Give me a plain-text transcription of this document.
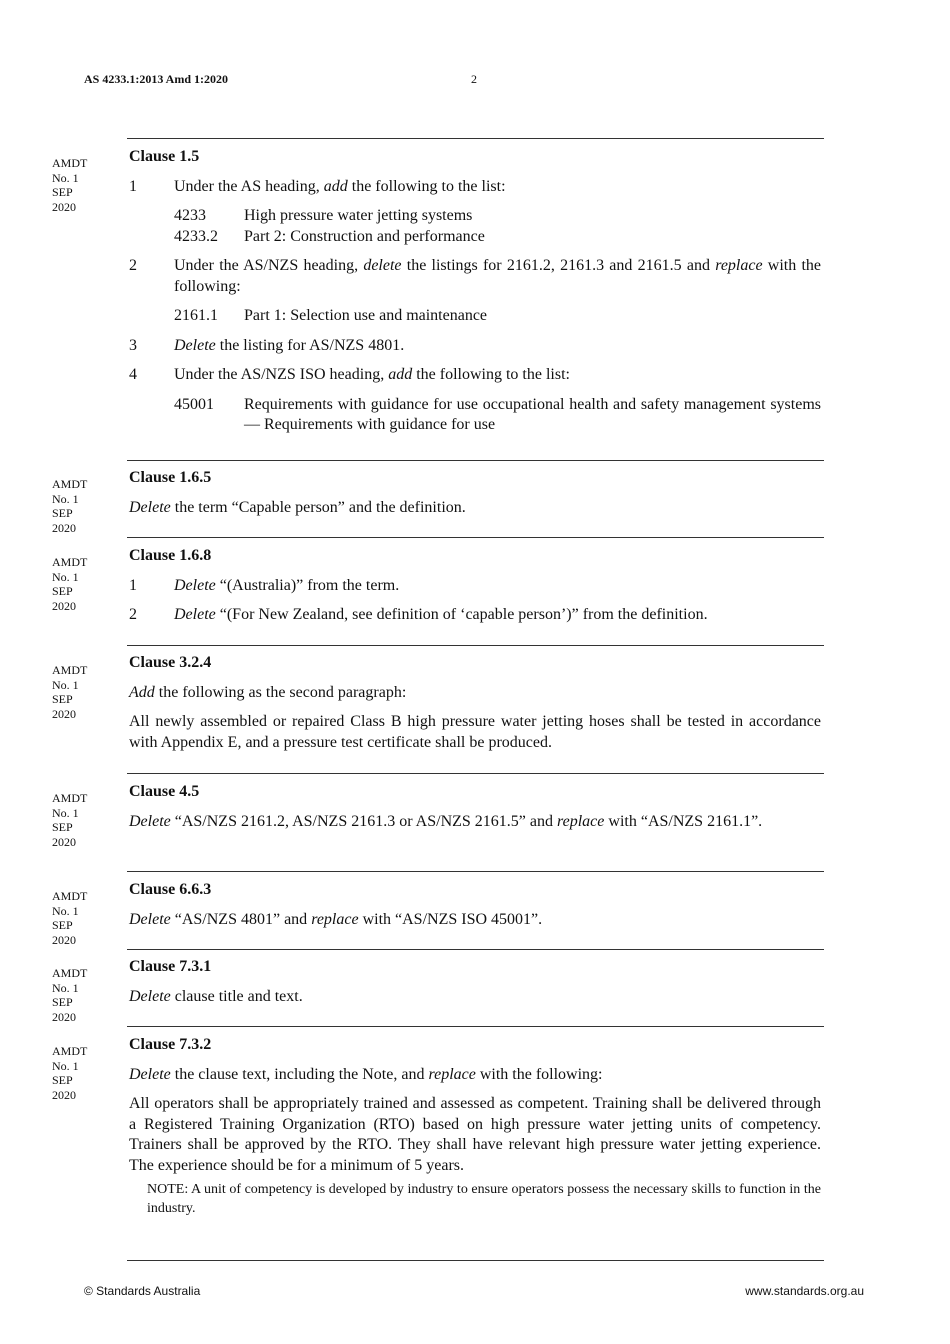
AS 4233.1:2013 Amd 1:2020	2
AMDT
No. 1
SEP
2020
Clause 1.5
1 Under the AS heading, add the following to the list:
4233 High pressure water jetting systems
4233.2 Part 2: Construction and performance
2 Under the AS/NZS heading, delete the listings for 2161.2, 2161.3 and 2161.5 and replace with the following:
2161.1 Part 1: Selection use and maintenance
3 Delete the listing for AS/NZS 4801.
4 Under the AS/NZS ISO heading, add the following to the list:
45001 Requirements with guidance for use occupational health and safety management systems — Requirements with guidance for use
AMDT
No. 1
SEP
2020
Clause 1.6.5
Delete the term “Capable person” and the definition.
AMDT
No. 1
SEP
2020
Clause 1.6.8
1 Delete “(Australia)” from the term.
2 Delete “(For New Zealand, see definition of ‘capable person’)” from the definition.
AMDT
No. 1
SEP
2020
Clause 3.2.4
Add the following as the second paragraph:
All newly assembled or repaired Class B high pressure water jetting hoses shall be tested in accordance with Appendix E, and a pressure test certificate shall be produced.
AMDT
No. 1
SEP
2020
Clause 4.5
Delete “AS/NZS 2161.2, AS/NZS 2161.3 or AS/NZS 2161.5” and replace with “AS/NZS 2161.1”.
AMDT
No. 1
SEP
2020
Clause 6.6.3
Delete “AS/NZS 4801” and replace with “AS/NZS ISO 45001”.
AMDT
No. 1
SEP
2020
Clause 7.3.1
Delete clause title and text.
AMDT
No. 1
SEP
2020
Clause 7.3.2
Delete the clause text, including the Note, and replace with the following:
All operators shall be appropriately trained and assessed as competent. Training shall be delivered through a Registered Training Organization (RTO) based on high pressure water jetting units of competency. Trainers shall be approved by the RTO. They shall have relevant high pressure water jetting experience. The experience should be for a minimum of 5 years.
NOTE: A unit of competency is developed by industry to ensure operators possess the necessary skills to function in the industry.
© Standards Australia	www.standards.org.au
